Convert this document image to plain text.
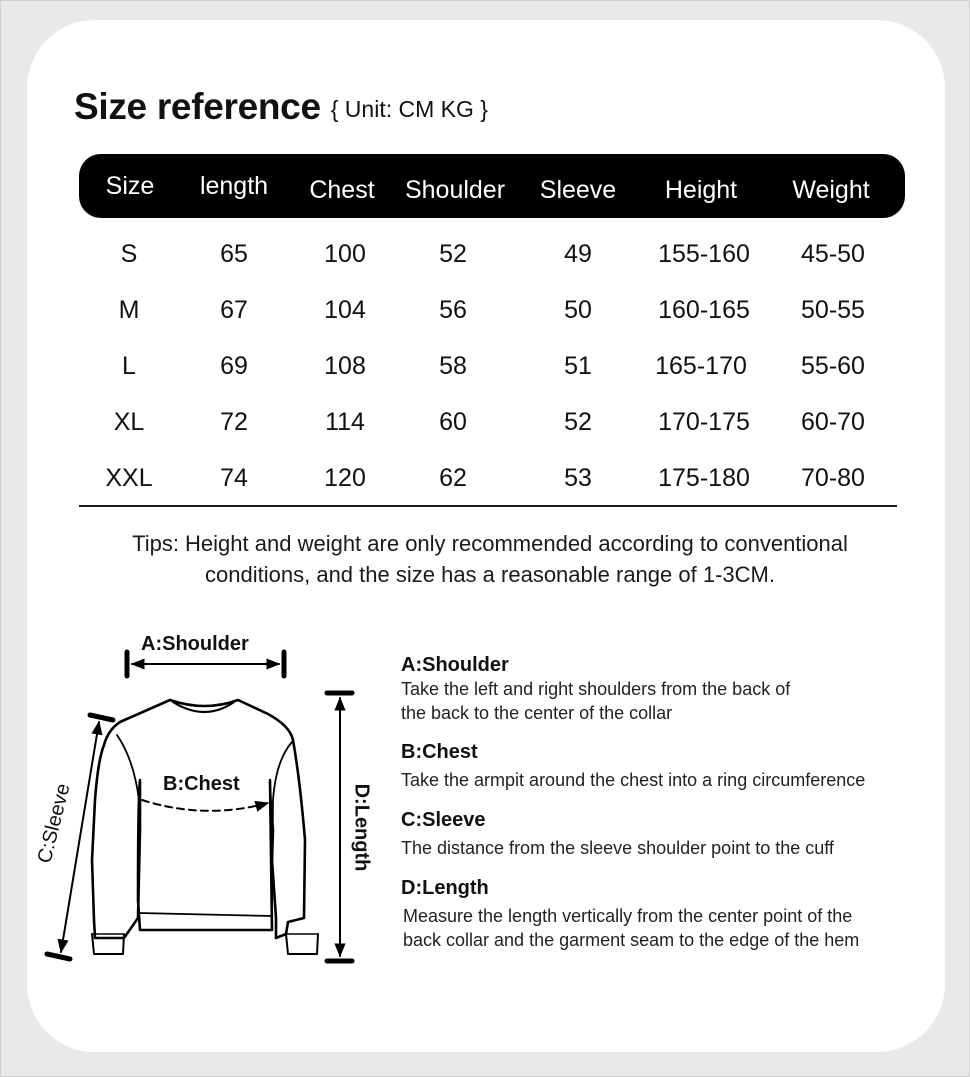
Size reference { Unit: CM KG }
Size length Chest Shoulder Sleeve Height Weight
S	65	100	52	49	155-160 45-50
M	67	104	56	50	160-165 50-55
L	69	108	58	51	165-170 55-60
XL	72	114	60	52	170-175 60-70
XXL	74	120	62	53	175-180 70-80
Tips: Height and weight are only recommended according to conventional
conditions, and the size has a reasonable range of 1-3CM.
A:Shoulder
B:Chest
C:Sleeve	D:Length
A:Shoulder
Take the left and right shoulders from the back of
the back to the center of the collar
B:Chest
Take the armpit around the chest into a ring circumference
C:Sleeve
The distance from the sleeve shoulder point to the cuff
D:Length
Measure the length vertically from the center point of the
back collar and the garment seam to the edge of the hem
